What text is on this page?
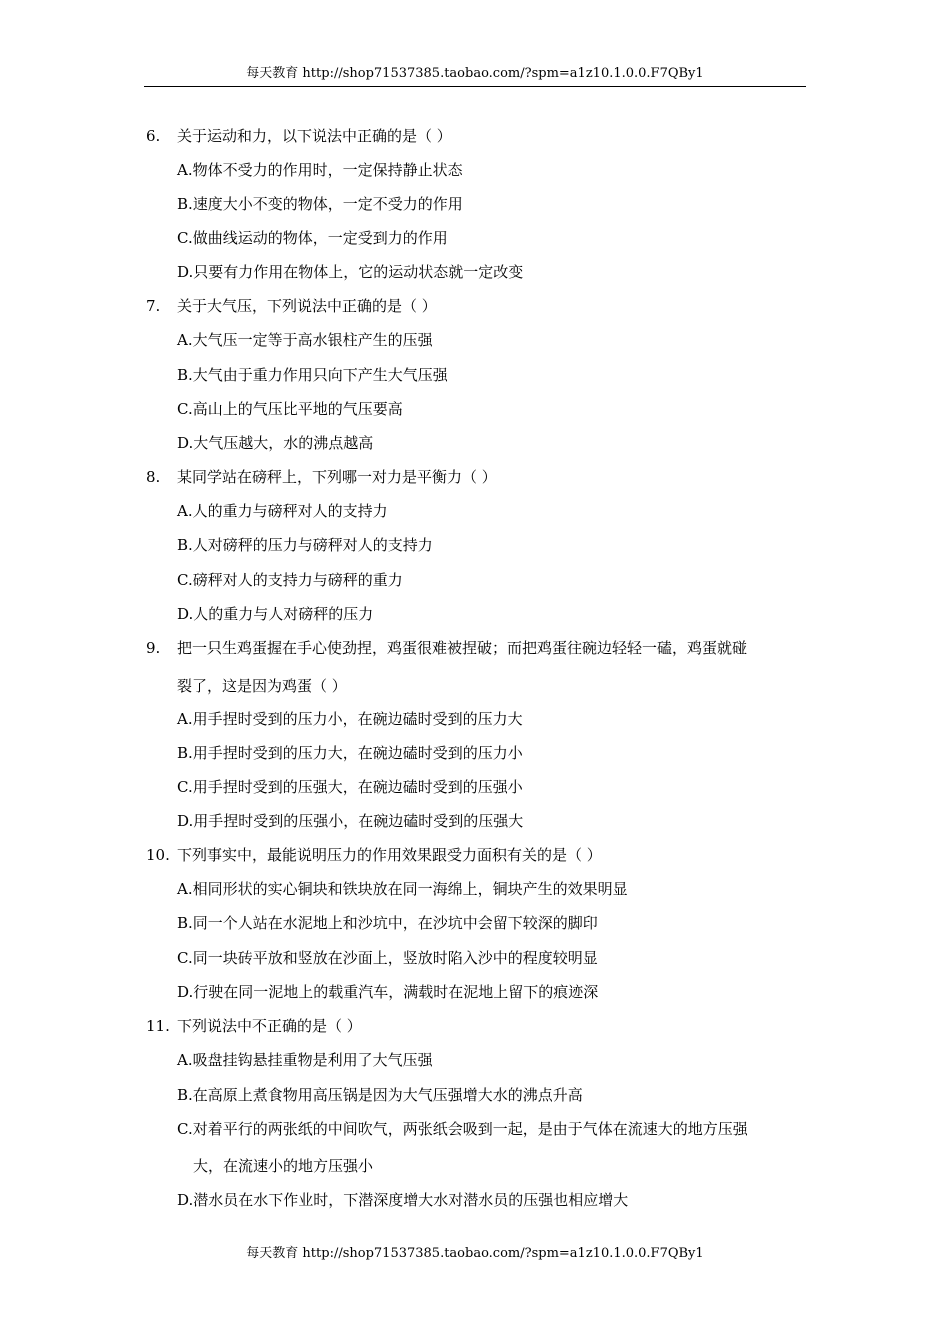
每天教育 http://shop71537385.taobao.com/?spm=a1z10.1.0.0.F7QBy1
6. 关于运动和力，以下说法中正确的是（ ）
A.物体不受力的作用时，一定保持静止状态
B.速度大小不变的物体，一定不受力的作用
C.做曲线运动的物体，一定受到力的作用
D.只要有力作用在物体上，它的运动状态就一定改变
7. 关于大气压，下列说法中正确的是（ ）
A.大气压一定等于高水银柱产生的压强
B.大气由于重力作用只向下产生大气压强
C.高山上的气压比平地的气压要高
D.大气压越大，水的沸点越高
8. 某同学站在磅秤上，下列哪一对力是平衡力（ ）
A.人的重力与磅秤对人的支持力
B.人对磅秤的压力与磅秤对人的支持力
C.磅秤对人的支持力与磅秤的重力
D.人的重力与人对磅秤的压力
9. 把一只生鸡蛋握在手心使劲捏，鸡蛋很难被捏破；而把鸡蛋往碗边轻轻一磕，鸡蛋就碰
裂了，这是因为鸡蛋（ ）
A.用手捏时受到的压力小，在碗边磕时受到的压力大
B.用手捏时受到的压力大，在碗边磕时受到的压力小
C.用手捏时受到的压强大，在碗边磕时受到的压强小
D.用手捏时受到的压强小，在碗边磕时受到的压强大
10. 下列事实中，最能说明压力的作用效果跟受力面积有关的是（ ）
A.相同形状的实心铜块和铁块放在同一海绵上，铜块产生的效果明显
B.同一个人站在水泥地上和沙坑中，在沙坑中会留下较深的脚印
C.同一块砖平放和竖放在沙面上，竖放时陷入沙中的程度较明显
D.行驶在同一泥地上的载重汽车，满载时在泥地上留下的痕迹深
11. 下列说法中不正确的是（ ）
A.吸盘挂钩悬挂重物是利用了大气压强
B.在高原上煮食物用高压锅是因为大气压强增大水的沸点升高
C.对着平行的两张纸的中间吹气，两张纸会吸到一起，是由于气体在流速大的地方压强
大，在流速小的地方压强小
D.潜水员在水下作业时，下潜深度增大水对潜水员的压强也相应增大
每天教育 http://shop71537385.taobao.com/?spm=a1z10.1.0.0.F7QBy1
